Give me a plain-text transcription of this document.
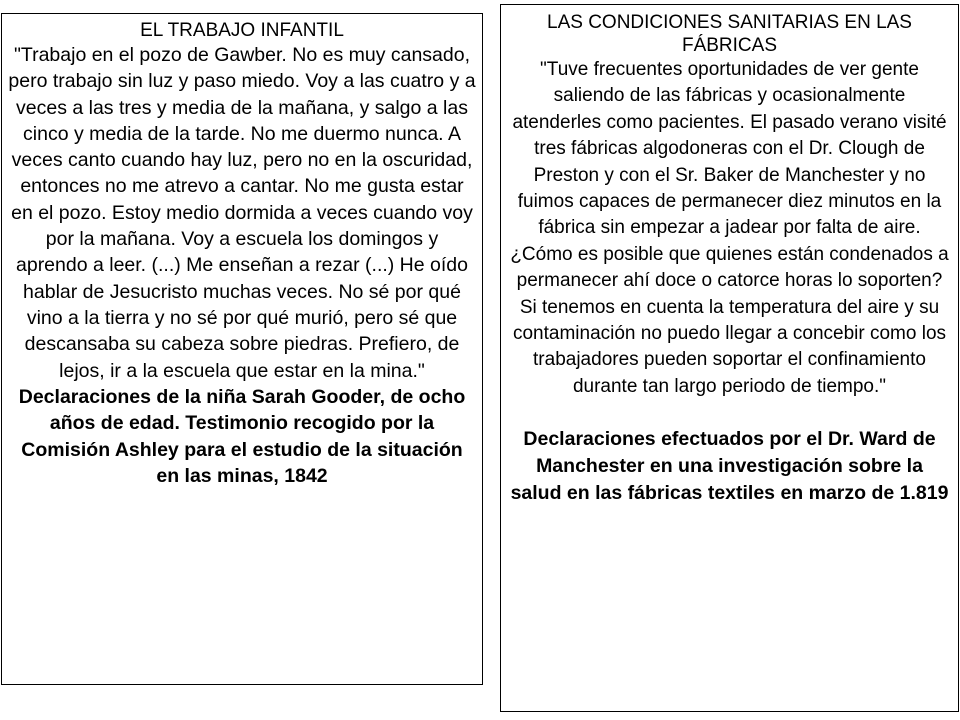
EL TRABAJO INFANTIL

"Trabajo en el pozo de Gawber. No es muy cansado, pero trabajo sin luz y paso miedo. Voy a las cuatro y a veces a las tres y media de la mañana, y salgo a las cinco y media de la tarde. No me duermo nunca. A veces canto cuando hay luz, pero no en la oscuridad, entonces no me atrevo a cantar. No me gusta estar en el pozo. Estoy medio dormida a veces cuando voy por la mañana. Voy a escuela los domingos y aprendo a leer. (...) Me enseñan a rezar (...) He oído hablar de Jesucristo muchas veces. No sé por qué vino a la tierra y no sé por qué murió, pero sé que descansaba su cabeza sobre piedras. Prefiero, de lejos, ir a la escuela que estar en la mina."

Declaraciones de la niña Sarah Gooder, de ocho años de edad. Testimonio recogido por la Comisión Ashley para el estudio de la situación en las minas, 1842

LAS CONDICIONES SANITARIAS EN LAS FÁBRICAS

"Tuve frecuentes oportunidades de ver gente saliendo de las fábricas y ocasionalmente atenderles como pacientes. El pasado verano visité tres fábricas algodoneras con el Dr. Clough de Preston y con el Sr. Baker de Manchester y no fuimos capaces de permanecer diez minutos en la fábrica sin empezar a jadear por falta de aire. ¿Cómo es posible que quienes están condenados a permanecer ahí doce o catorce horas lo soporten? Si tenemos en cuenta la temperatura del aire y su contaminación no puedo llegar a concebir como los trabajadores pueden soportar el confinamiento durante tan largo periodo de tiempo."

Declaraciones efectuados por el Dr. Ward de Manchester en una investigación sobre la salud en las fábricas textiles en marzo de 1.819
